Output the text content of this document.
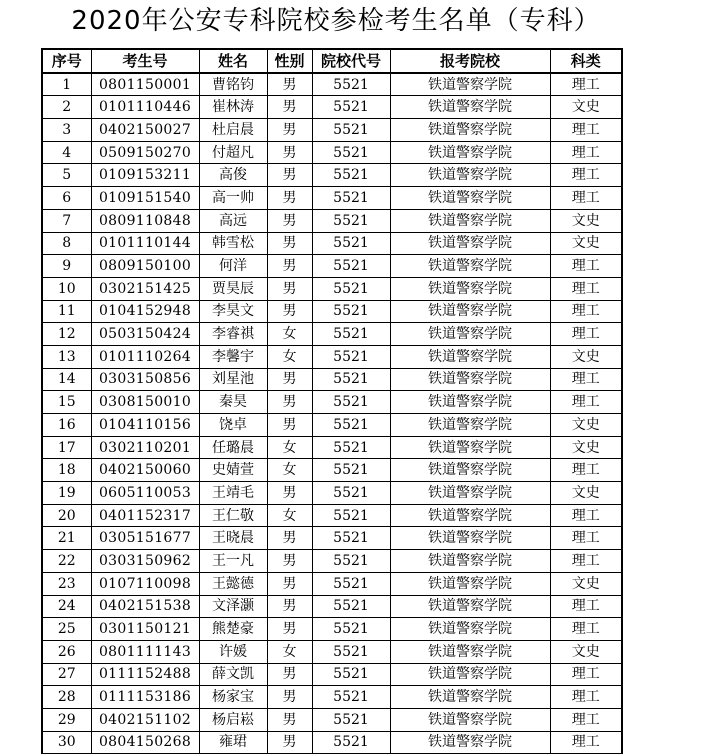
2020年公安专科院校参检考生名单（专科）
序号	考生号	姓名	性别	院校代号	报考院校	科类
1	0801150001	曹铭钧	男	5521	铁道警察学院	理工
2	0101110446	崔林涛	男	5521	铁道警察学院	文史
3	0402150027	杜启晨	男	5521	铁道警察学院	理工
4	0509150270	付超凡	男	5521	铁道警察学院	理工
5	0109153211	高俊	男	5521	铁道警察学院	理工
6	0109151540	高一帅	男	5521	铁道警察学院	理工
7	0809110848	高远	男	5521	铁道警察学院	文史
8	0101110144	韩雪松	男	5521	铁道警察学院	文史
9	0809150100	何洋	男	5521	铁道警察学院	理工
10	0302151425	贾昊辰	男	5521	铁道警察学院	理工
11	0104152948	李昊文	男	5521	铁道警察学院	理工
12	0503150424	李睿祺	女	5521	铁道警察学院	理工
13	0101110264	李馨宇	女	5521	铁道警察学院	文史
14	0303150856	刘星池	男	5521	铁道警察学院	理工
15	0308150010	秦昊	男	5521	铁道警察学院	理工
16	0104110156	饶卓	男	5521	铁道警察学院	文史
17	0302110201	任璐晨	女	5521	铁道警察学院	文史
18	0402150060	史婧萱	女	5521	铁道警察学院	理工
19	0605110053	王靖毛	男	5521	铁道警察学院	文史
20	0401152317	王仁敬	女	5521	铁道警察学院	理工
21	0305151677	王晓晨	男	5521	铁道警察学院	理工
22	0303150962	王一凡	男	5521	铁道警察学院	理工
23	0107110098	王懿德	男	5521	铁道警察学院	文史
24	0402151538	文泽灏	男	5521	铁道警察学院	理工
25	0301150121	熊楚豪	男	5521	铁道警察学院	理工
26	0801111143	许媛	女	5521	铁道警察学院	文史
27	0111152488	薛文凯	男	5521	铁道警察学院	理工
28	0111153186	杨家宝	男	5521	铁道警察学院	理工
29	0402151102	杨启崧	男	5521	铁道警察学院	理工
30	0804150268	雍珺	男	5521	铁道警察学院	理工
